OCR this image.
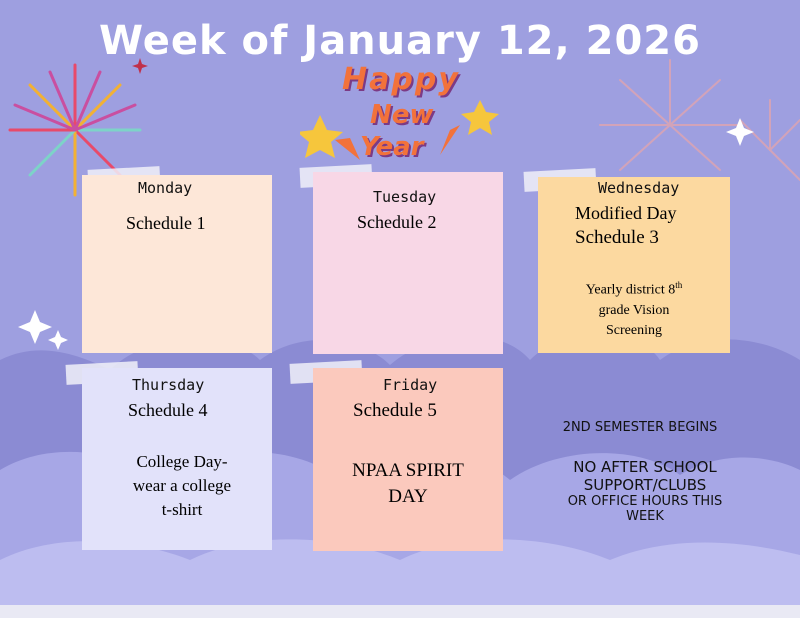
Week of January 12, 2026
Happy
New
Year
Monday
Schedule 1
Tuesday
Schedule 2
Wednesday
Modified Day
Schedule 3
Yearly district 8th
grade Vision
Screening
Thursday
Schedule 4
College Day-
wear a college
t-shirt
Friday
Schedule 5
NPAA SPIRIT
DAY
2ND SEMESTER BEGINS
NO AFTER SCHOOL
SUPPORT/CLUBS
OR OFFICE HOURS THIS
WEEK
